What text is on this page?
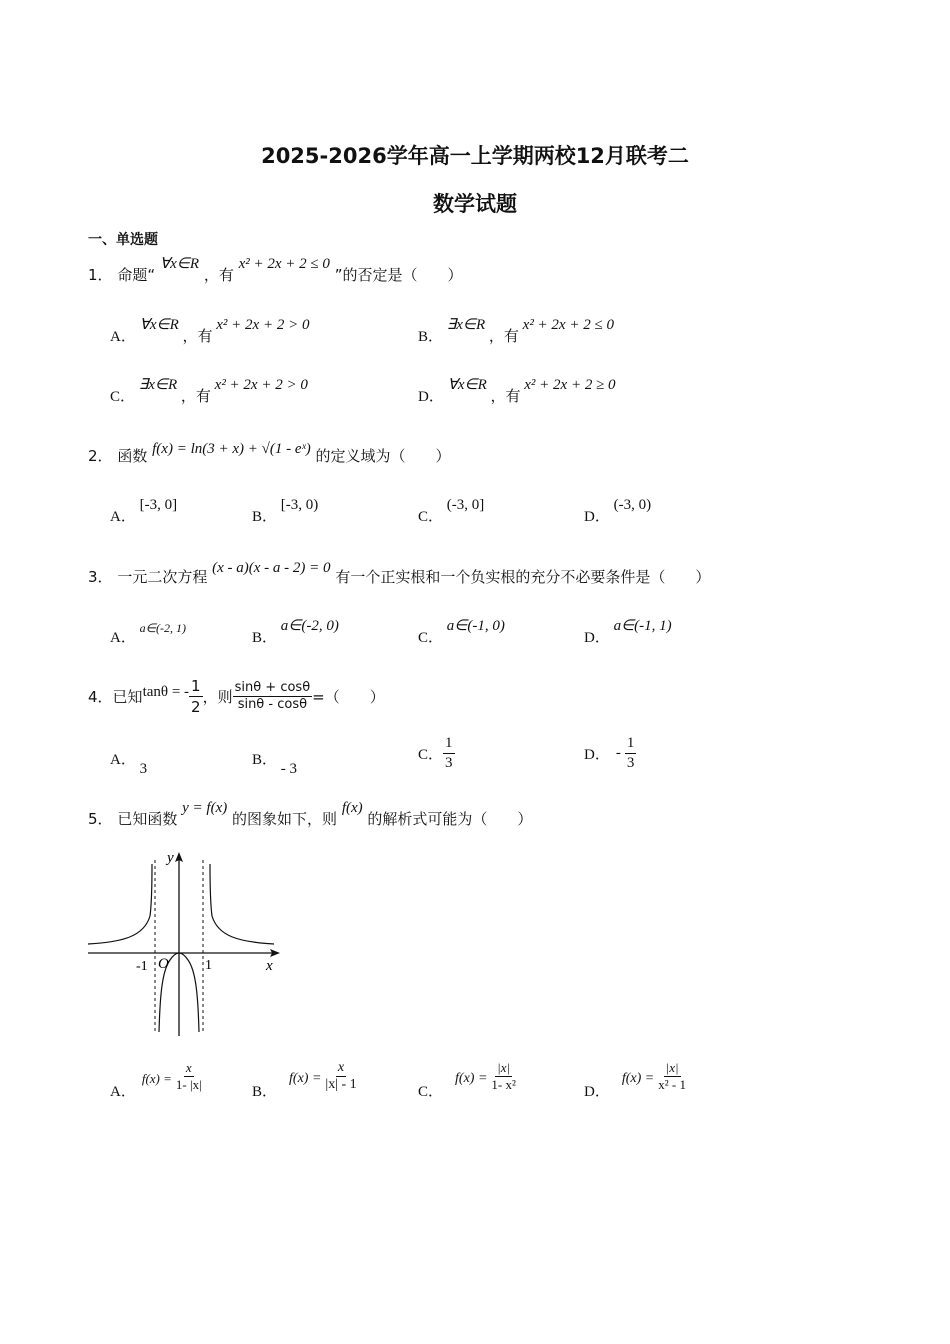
2025-2026学年高一上学期两校12月联考二
数学试题
一、单选题
1． 命题“ ∀x∈R ，有 x² + 2x + 2 ≤ 0 ”的否定是（　　）
A． ∀x∈R ，有 x² + 2x + 2 > 0
B． ∃x∈R ，有 x² + 2x + 2 ≤ 0
C． ∃x∈R ，有 x² + 2x + 2 > 0
D． ∀x∈R ，有 x² + 2x + 2 ≥ 0
2． 函数 f(x) = ln(3 + x) + √(1 - eˣ) 的定义域为（　　）
A． [-3, 0]
B． [-3, 0)
C． (-3, 0]
D． (-3, 0)
3． 一元二次方程 (x - a)(x - a - 2) = 0 有一个正实根和一个负实根的充分不必要条件是（　　）
A． $^{a\in(-2, 1)}$
B． a∈(-2, 0)
C． a∈(-1, 0)
D． a∈(-1, 1)
4． 已知 tanθ = - $\frac{1}{2}$ ，则 $\frac{\sin\theta + \cos\theta}{\sin\theta - \cos\theta}$ =（　　）
A． 3
B． - 3
C． $\frac{1}{3}$	D． - $\frac{1}{3}$
5． 已知函数 y = f(x) 的图象如下，则 f(x) 的解析式可能为（　　）
y
x
O
-1	1
A．
$f(x) = \frac{x}{1- |x|}$	B．
$f(x) = \frac{x}{|x| - 1}$	C．
$f(x) = \frac{|x|}{\text{1- x²}}$	D．
$f(x) = \frac{|x|}{\text{x² - 1}}$
